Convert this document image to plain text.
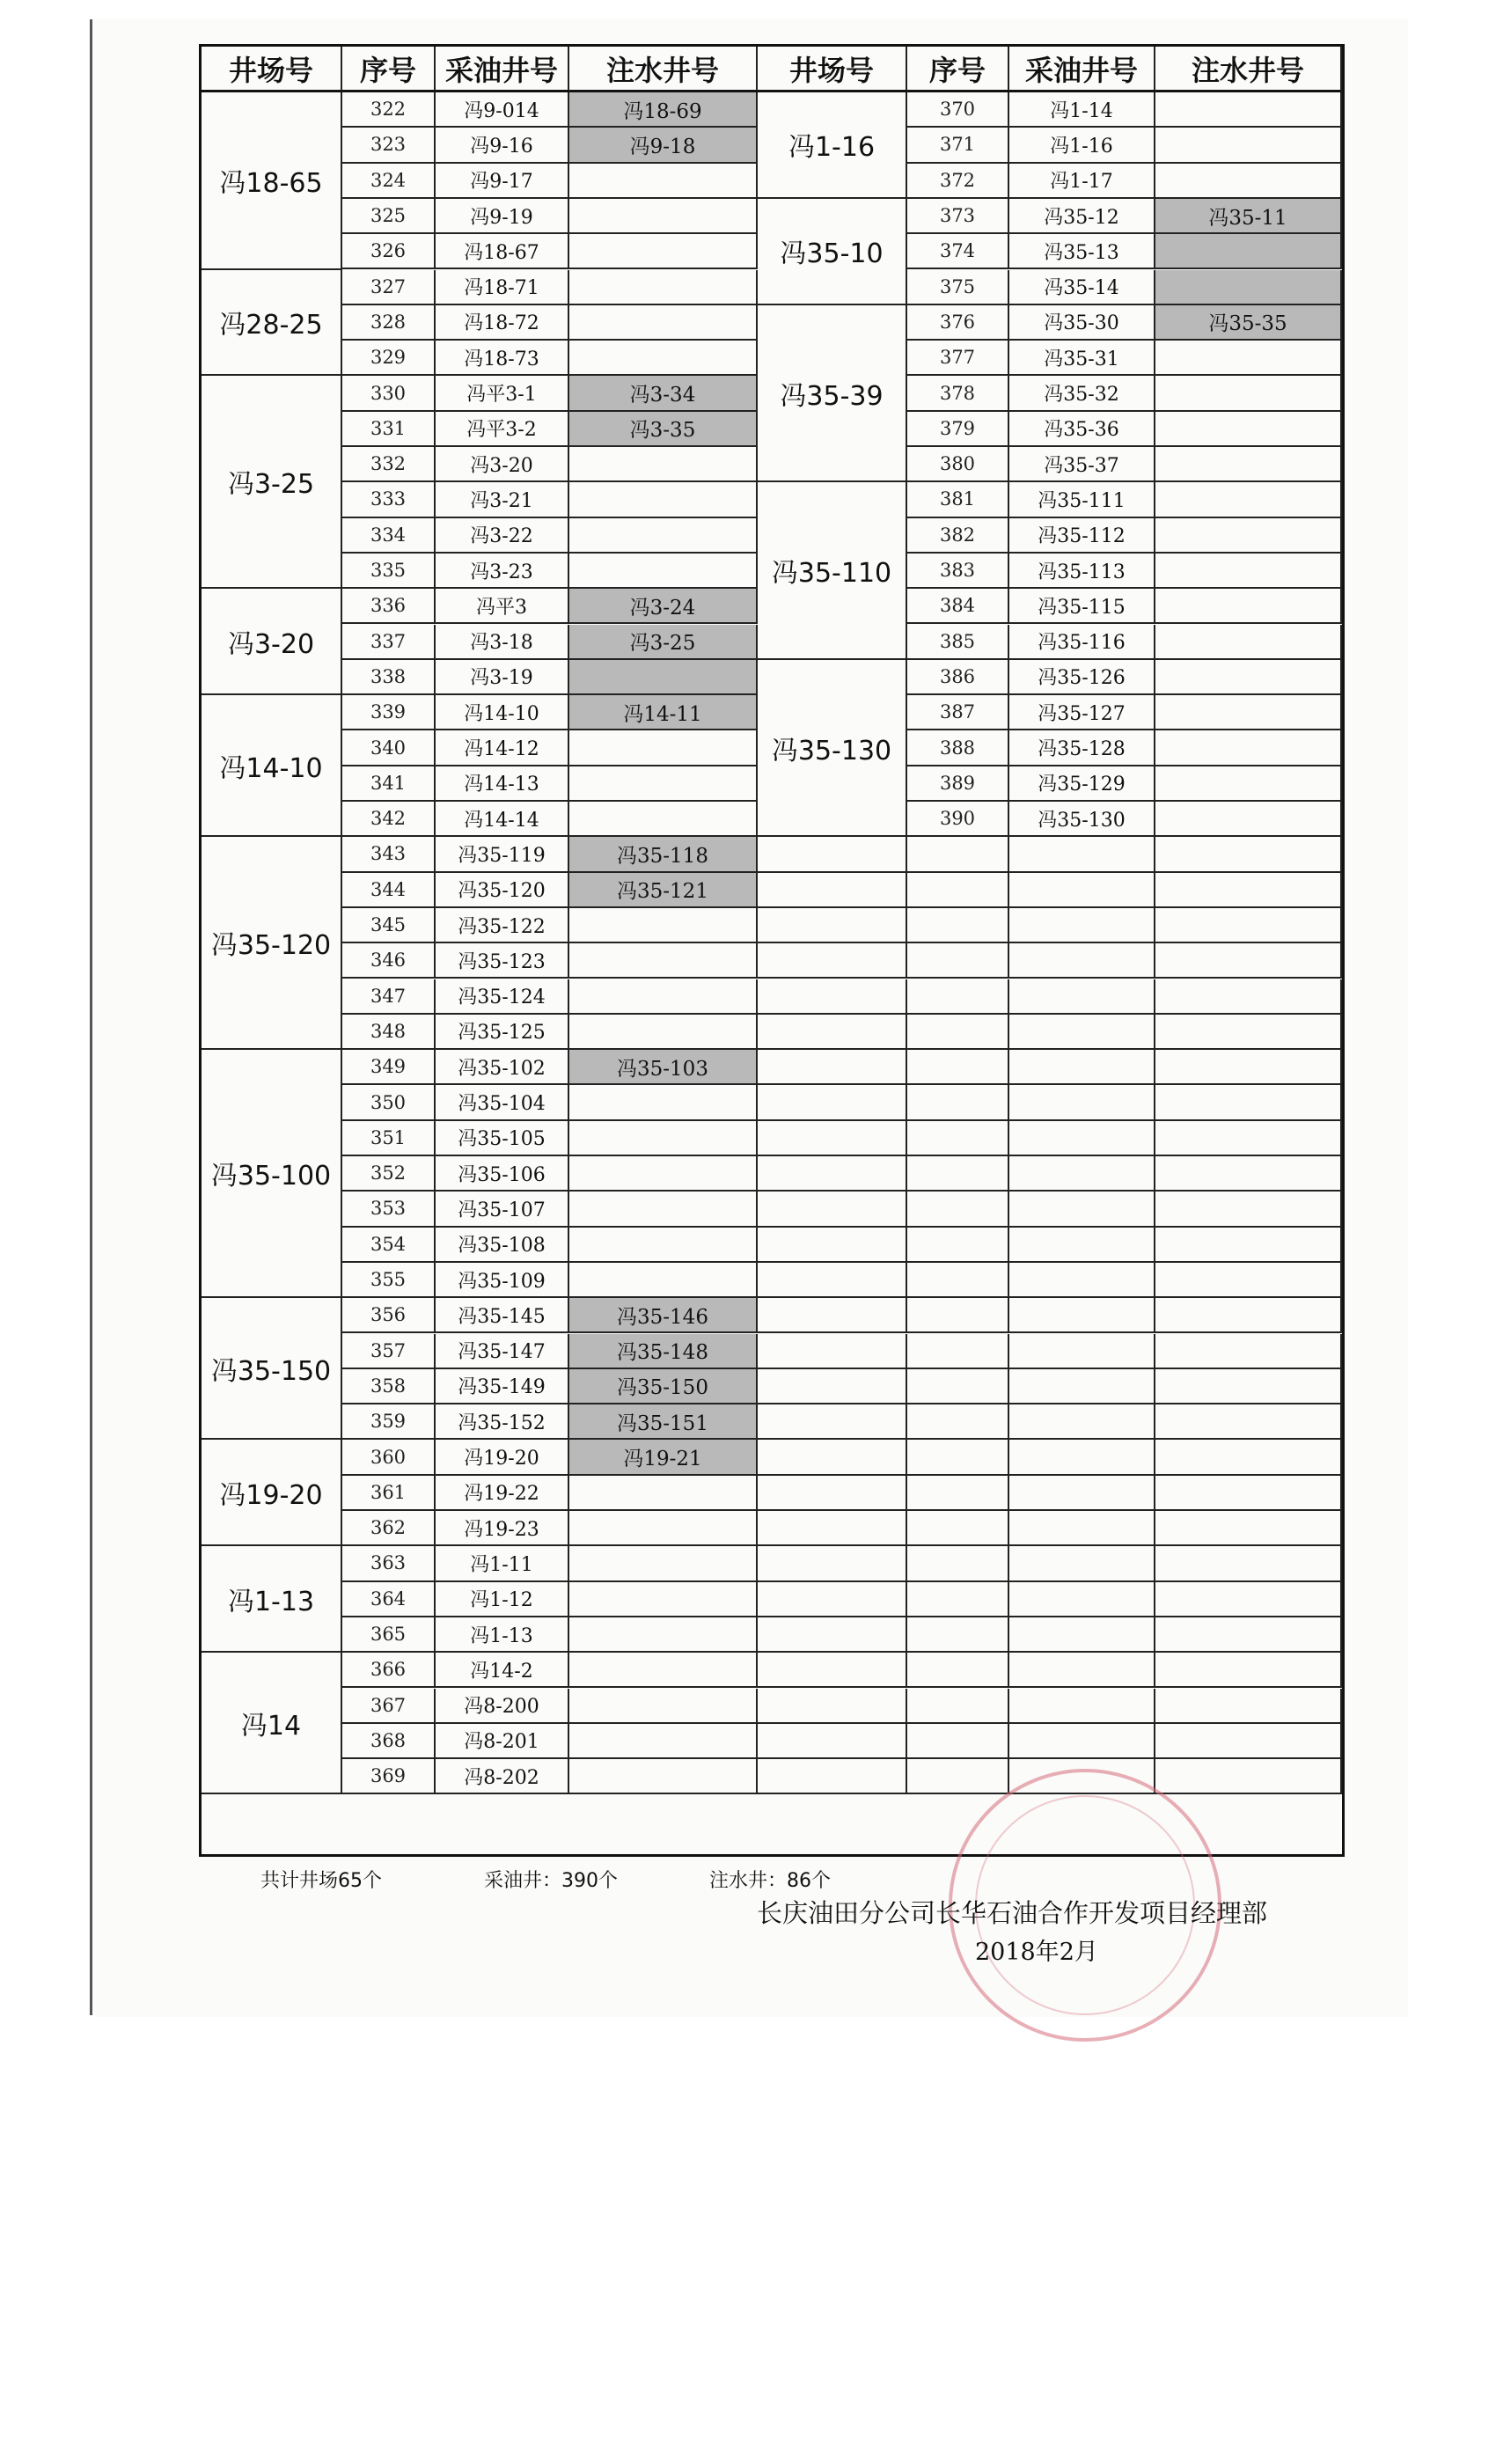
井场号	序号	采油井号	注水井号
冯18-65
322	冯9-014	冯18-69
323	冯9-16	冯9-18
324	冯9-17
325	冯9-19
326	冯18-67
冯28-25
327	冯18-71
328	冯18-72
329	冯18-73
冯3-25
330	冯平3-1	冯3-34
331	冯平3-2	冯3-35
332	冯3-20
333	冯3-21
334	冯3-22
335	冯3-23
冯3-20
336	冯平3	冯3-24
337	冯3-18	冯3-25
338	冯3-19
冯14-10
339	冯14-10	冯14-11
340	冯14-12
341	冯14-13
342	冯14-14
冯35-120
343	冯35-119	冯35-118
344	冯35-120	冯35-121
345	冯35-122
346	冯35-123
347	冯35-124
348	冯35-125
冯35-100
349	冯35-102	冯35-103
350	冯35-104
351	冯35-105
352	冯35-106
353	冯35-107
354	冯35-108
355	冯35-109
冯35-150
356	冯35-145	冯35-146
357	冯35-147	冯35-148
358	冯35-149	冯35-150
359	冯35-152	冯35-151
冯19-20
360	冯19-20	冯19-21
361	冯19-22
362	冯19-23
冯1-13
363	冯1-11
364	冯1-12
365	冯1-13
冯14
366	冯14-2
367	冯8-200
368	冯8-201
369	冯8-202
井场号	序号	采油井号	注水井号
冯1-16
370	冯1-14
371	冯1-16
372	冯1-17
冯35-10
373	冯35-12	冯35-11
374	冯35-13
375	冯35-14
冯35-39
376	冯35-30	冯35-35
377	冯35-31
378	冯35-32
379	冯35-36
380	冯35-37
冯35-110
381	冯35-111
382	冯35-112
383	冯35-113
384	冯35-115
385	冯35-116
冯35-130
386	冯35-126
387	冯35-127
388	冯35-128
389	冯35-129
390	冯35-130
共计井场65个	采油井：390个	注水井：86个
长庆油田分公司长华石油合作开发项目经理部
2018年2月
